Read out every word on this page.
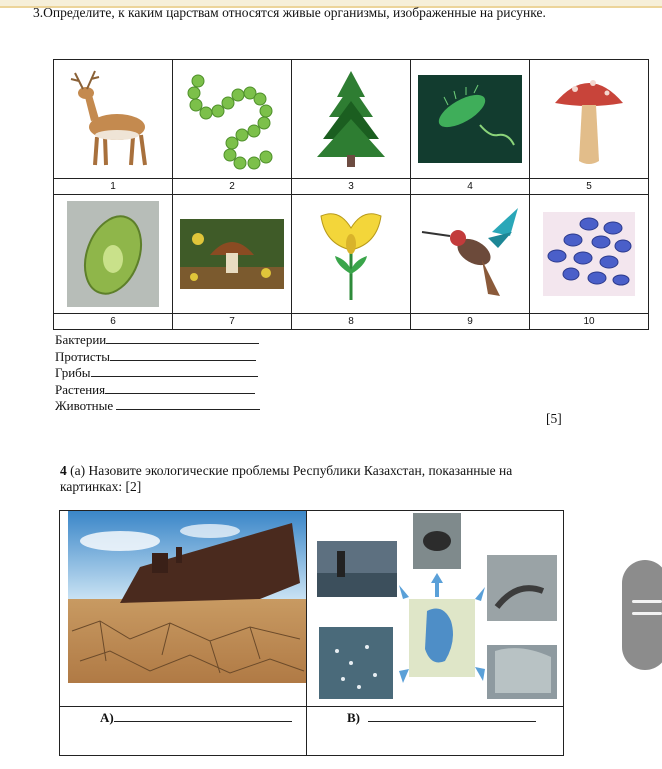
3.Определите, к каким царствам относятся живые организмы, изображенные на рисунке.

1	2	3	4	5

6	7	8	9	10
Бактерии
Протисты
Грибы
Растения
Животные
[5]
4 (а) Назовите экологические проблемы Республики Казахстан, показанные на картинках: [2]

А)	В)
